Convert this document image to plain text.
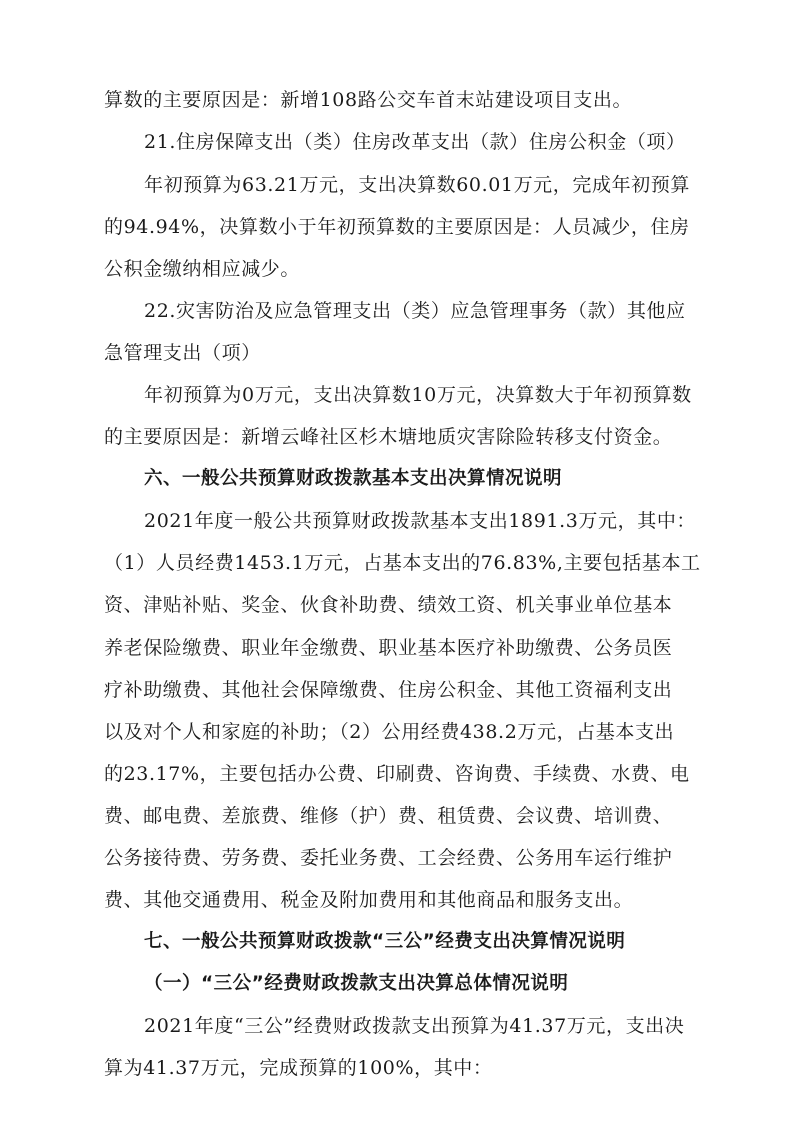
算数的主要原因是：新增108路公交车首末站建设项目支出。
21.住房保障支出（类）住房改革支出（款）住房公积金（项）
年初预算为63.21万元，支出决算数60.01万元，完成年初预算
的94.94%，决算数小于年初预算数的主要原因是：人员减少，住房
公积金缴纳相应减少。
22.灾害防治及应急管理支出（类）应急管理事务（款）其他应
急管理支出（项）
年初预算为0万元，支出决算数10万元，决算数大于年初预算数
的主要原因是：新增云峰社区杉木塘地质灾害除险转移支付资金。
六、一般公共预算财政拨款基本支出决算情况说明
2021年度一般公共预算财政拨款基本支出1891.3万元，其中：
（1）人员经费1453.1万元，占基本支出的76.83%,主要包括基本工
资、津贴补贴、奖金、伙食补助费、绩效工资、机关事业单位基本
养老保险缴费、职业年金缴费、职业基本医疗补助缴费、公务员医
疗补助缴费、其他社会保障缴费、住房公积金、其他工资福利支出
以及对个人和家庭的补助；（2）公用经费438.2万元，占基本支出
的23.17%，主要包括办公费、印刷费、咨询费、手续费、水费、电
费、邮电费、差旅费、维修（护）费、租赁费、会议费、培训费、
公务接待费、劳务费、委托业务费、工会经费、公务用车运行维护
费、其他交通费用、税金及附加费用和其他商品和服务支出。
七、一般公共预算财政拨款“三公”经费支出决算情况说明
（一）“三公”经费财政拨款支出决算总体情况说明
2021年度“三公”经费财政拨款支出预算为41.37万元，支出决
算为41.37万元，完成预算的100%，其中：
